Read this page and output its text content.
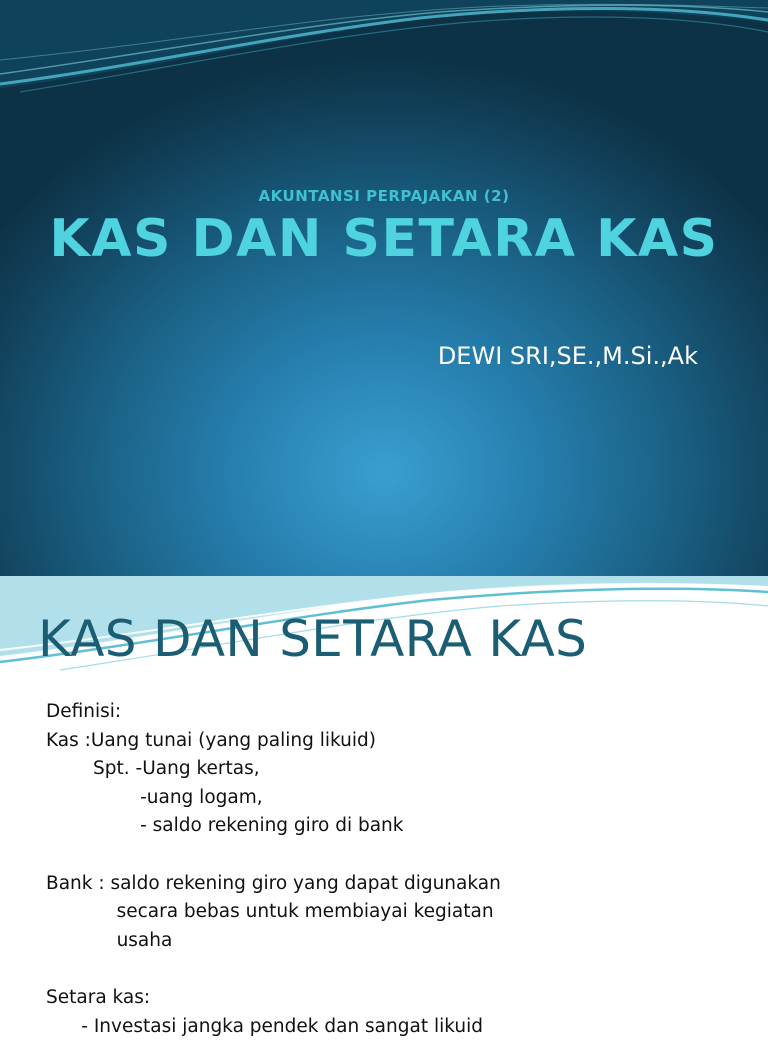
AKUNTANSI PERPAJAKAN (2)
KAS DAN SETARA KAS
DEWI SRI,SE.,M.Si.,Ak
KAS DAN SETARA KAS
Definisi:
Kas :Uang tunai (yang paling likuid)
Spt. -Uang kertas,
-uang logam,
- saldo rekening giro di bank
Bank : saldo rekening giro yang dapat digunakan
secara bebas untuk membiayai kegiatan
usaha
Setara kas:
- Investasi jangka pendek dan sangat likuid
